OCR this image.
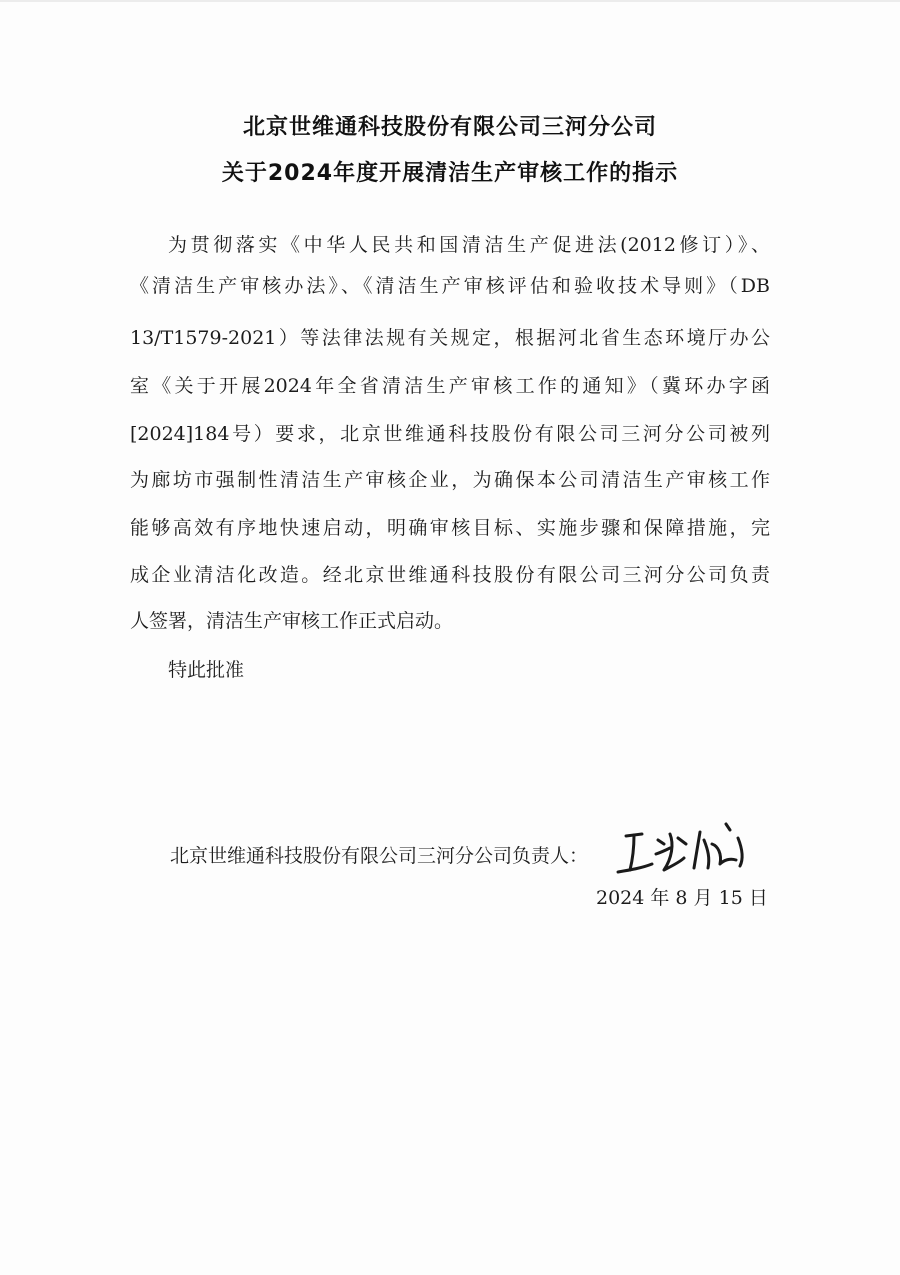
北京世维通科技股份有限公司三河分公司
关于2024年度开展清洁生产审核工作的指示
为贯彻落实《中华人民共和国清洁生产促进法(2012修订）》、
《清洁生产审核办法》、《清洁生产审核评估和验收技术导则》（DB
13/T1579-2021）等法律法规有关规定，根据河北省生态环境厅办公
室《关于开展2024年全省清洁生产审核工作的通知》（冀环办字函
[2024]184号）要求，北京世维通科技股份有限公司三河分公司被列
为廊坊市强制性清洁生产审核企业，为确保本公司清洁生产审核工作
能够高效有序地快速启动，明确审核目标、实施步骤和保障措施，完
成企业清洁化改造。经北京世维通科技股份有限公司三河分公司负责
人签署，清洁生产审核工作正式启动。
特此批准
北京世维通科技股份有限公司三河分公司负责人：
2024 年 8 月 15 日
